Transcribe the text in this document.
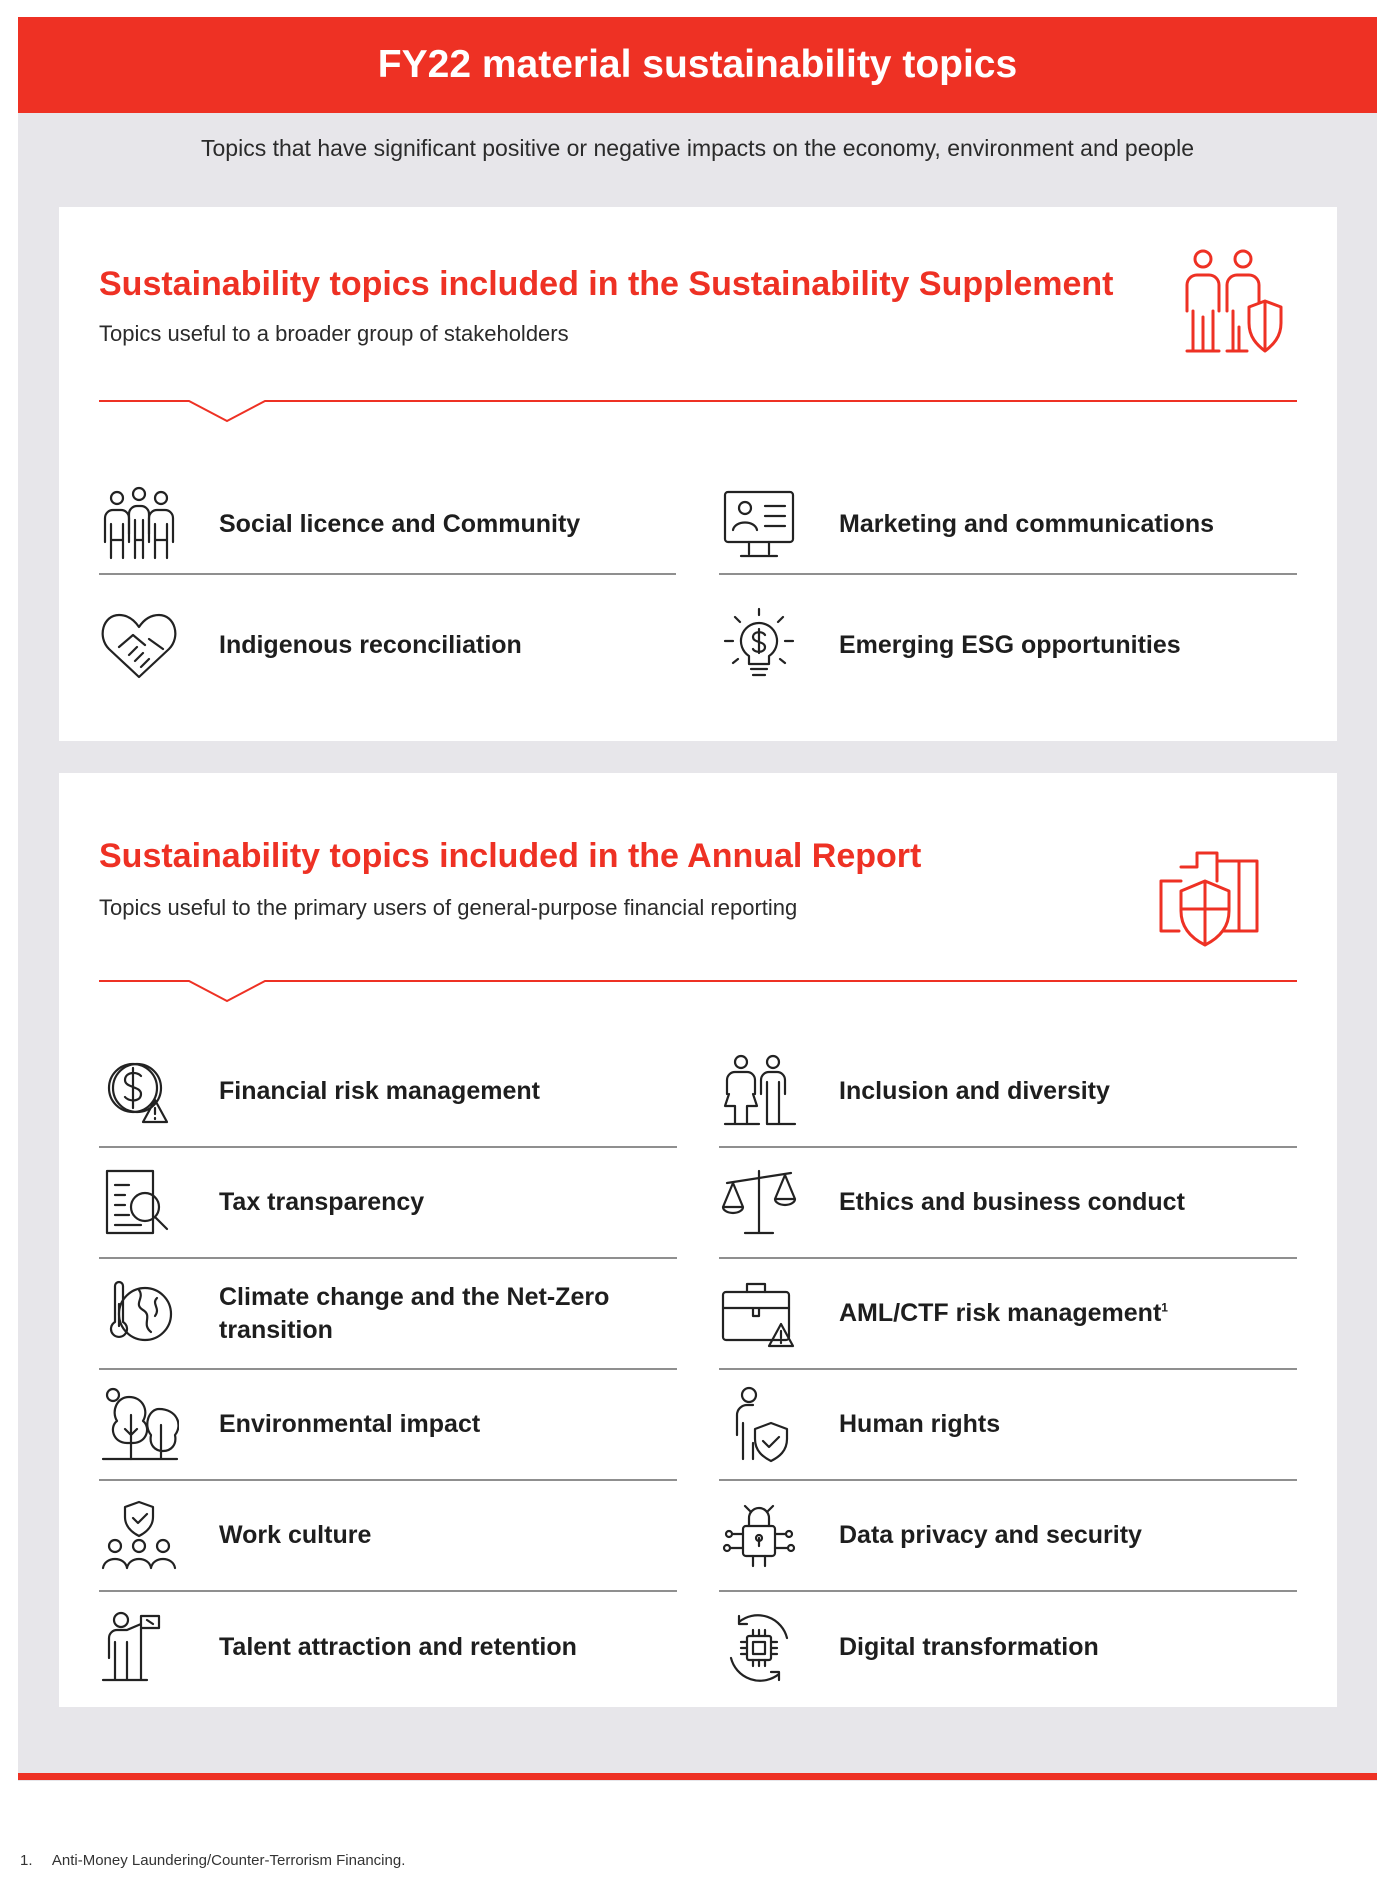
FY22 material sustainability topics
Topics that have significant positive or negative impacts on the economy, environment and people
Sustainability topics included in the Sustainability Supplement
Topics useful to a broader group of stakeholders
Social licence and Community
Indigenous reconciliation
Marketing and communications
Emerging ESG opportunities
Sustainability topics included in the Annual Report
Topics useful to the primary users of general-purpose financial reporting
Financial risk management
Tax transparency
Climate change and the Net-Zero transition
Environmental impact
Work culture
Talent attraction and retention
Inclusion and diversity
Ethics and business conduct
AML/CTF risk management$^1$
Human rights
Data privacy and security
Digital transformation
1. Anti-Money Laundering/Counter-Terrorism Financing.
